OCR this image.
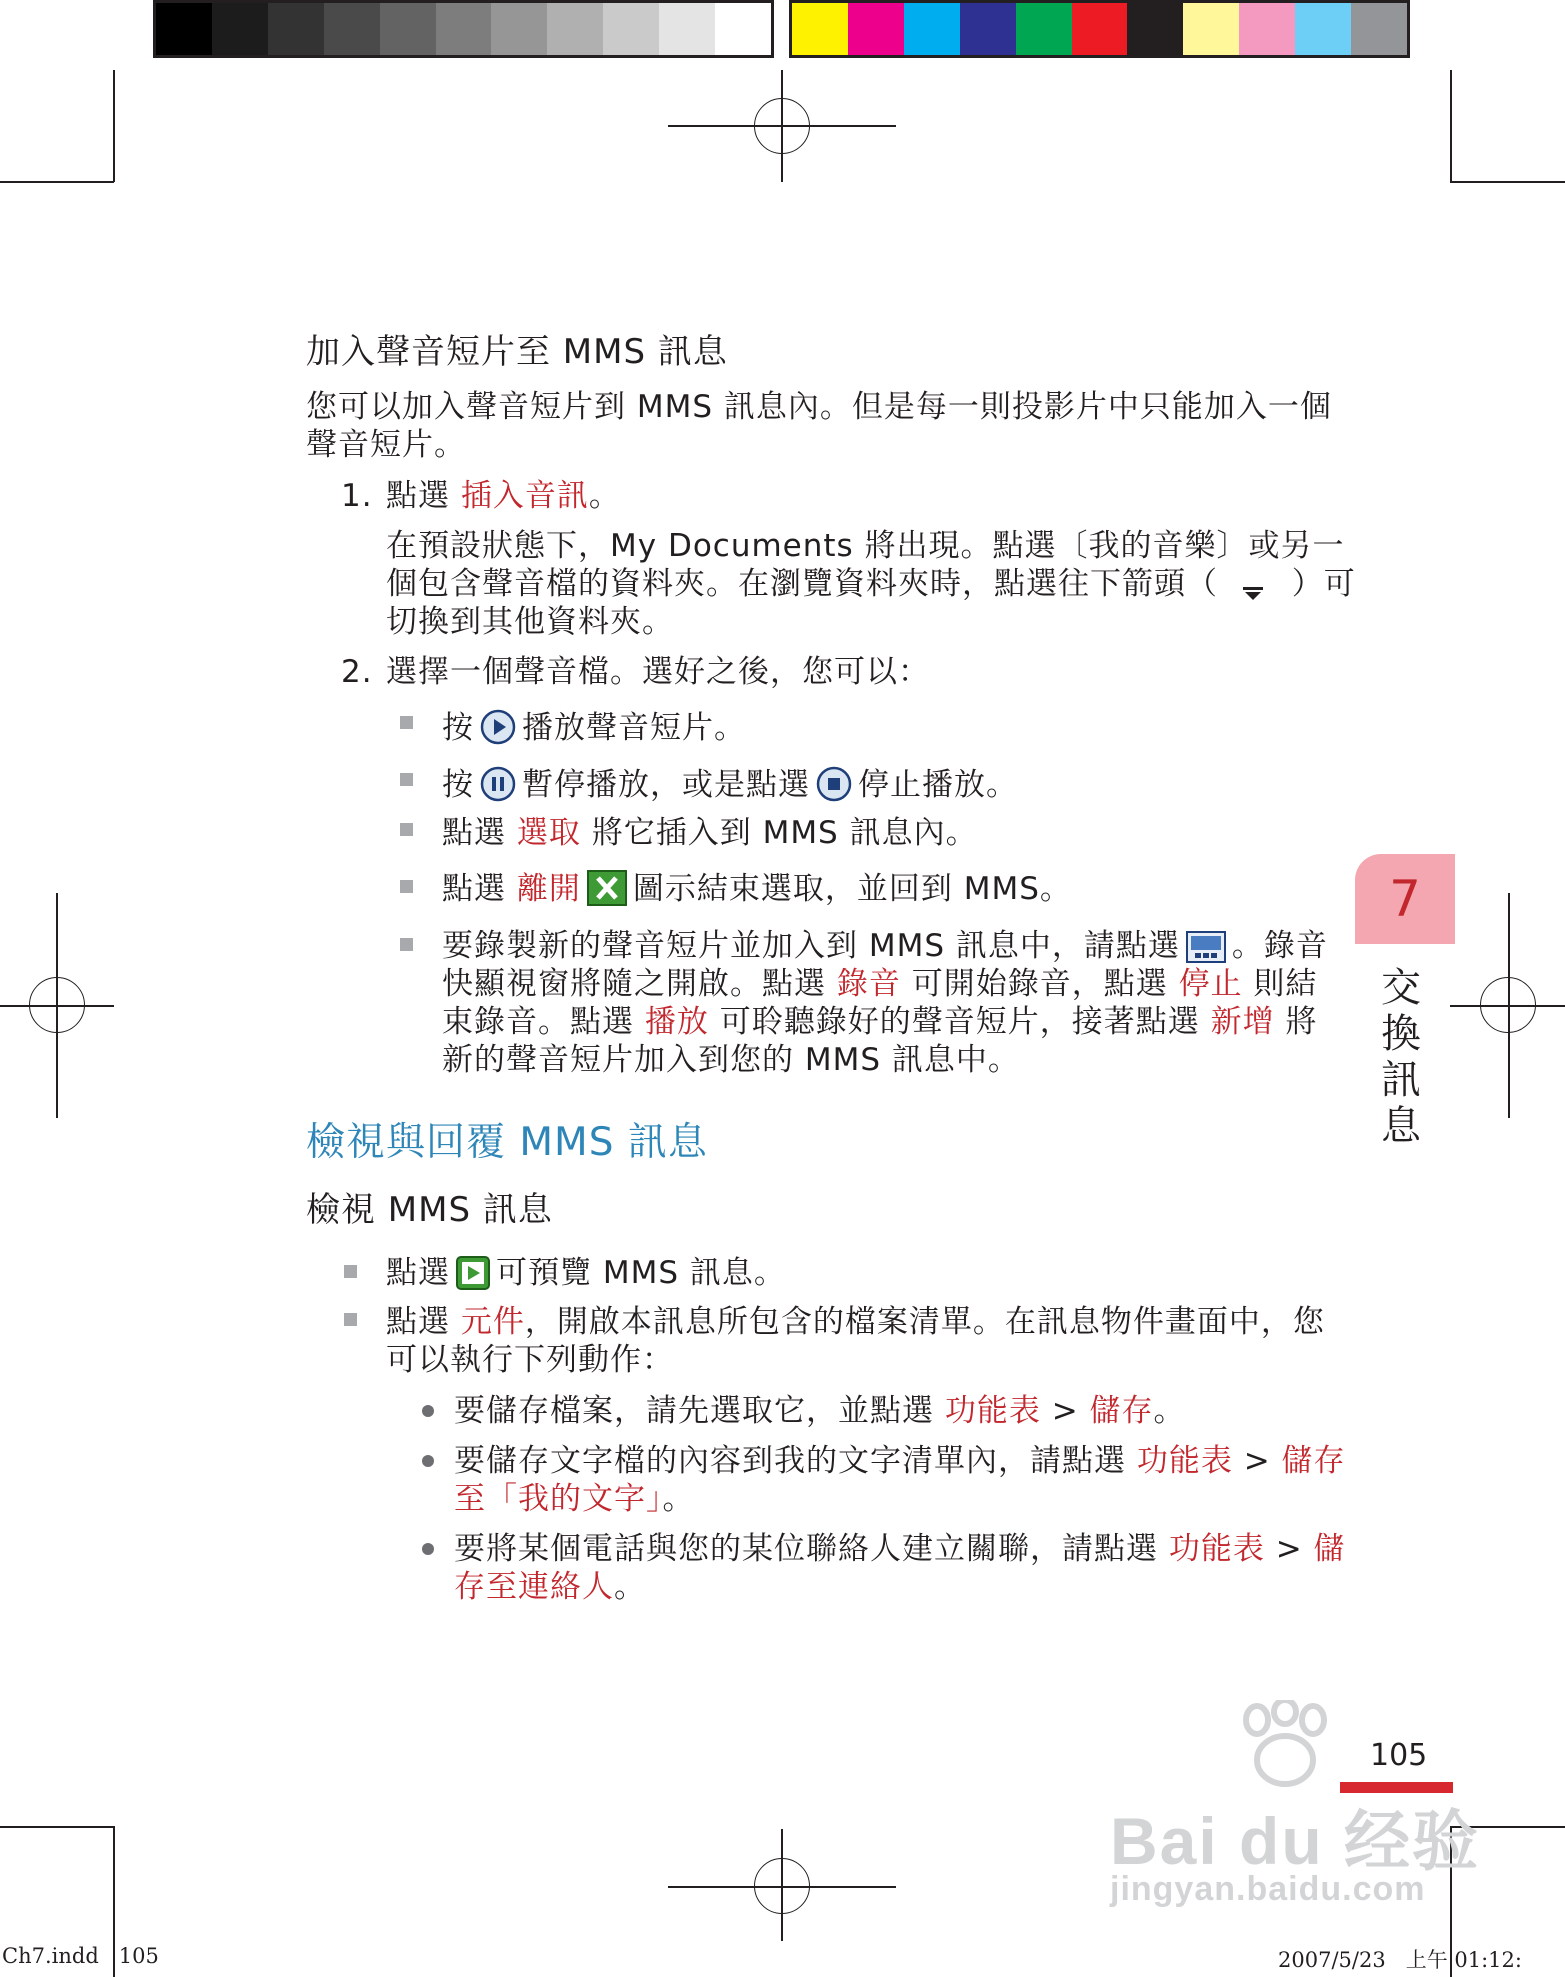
加入聲音短片至 MMS 訊息
您可以加入聲音短片到 MMS 訊息內。但是每一則投影片中只能加入一個
聲音短片。
1. 點選 插入音訊。
在預設狀態下，My Documents 將出現。點選〔我的音樂〕或另一
個包含聲音檔的資料夾。在瀏覽資料夾時，點選往下箭頭（ ）可
切換到其他資料夾。
2. 選擇一個聲音檔。選好之後，您可以：
按 播放聲音短片。
按 暫停播放，或是點選 停止播放。
點選 選取 將它插入到 MMS 訊息內。
點選 離開 圖示結束選取，並回到 MMS。
要錄製新的聲音短片並加入到 MMS 訊息中，請點選 。錄音
快顯視窗將隨之開啟。點選 錄音 可開始錄音，點選 停止 則結
束錄音。點選 播放 可聆聽錄好的聲音短片，接著點選 新增 將
新的聲音短片加入到您的 MMS 訊息中。
檢視與回覆 MMS 訊息
檢視 MMS 訊息
點選 可預覽 MMS 訊息。
點選 元件，開啟本訊息所包含的檔案清單。在訊息物件畫面中，您
可以執行下列動作：
要儲存檔案，請先選取它，並點選 功能表 > 儲存。
要儲存文字檔的內容到我的文字清單內，請點選 功能表 > 儲存
至「我的文字」。
要將某個電話與您的某位聯絡人建立關聯，請點選 功能表 > 儲
存至連絡人。
7
交
換
訊
息
105
Bai du 经验
jingyan.baidu.com
Ch7.indd   105	2007/5/23   上午 01:12:
